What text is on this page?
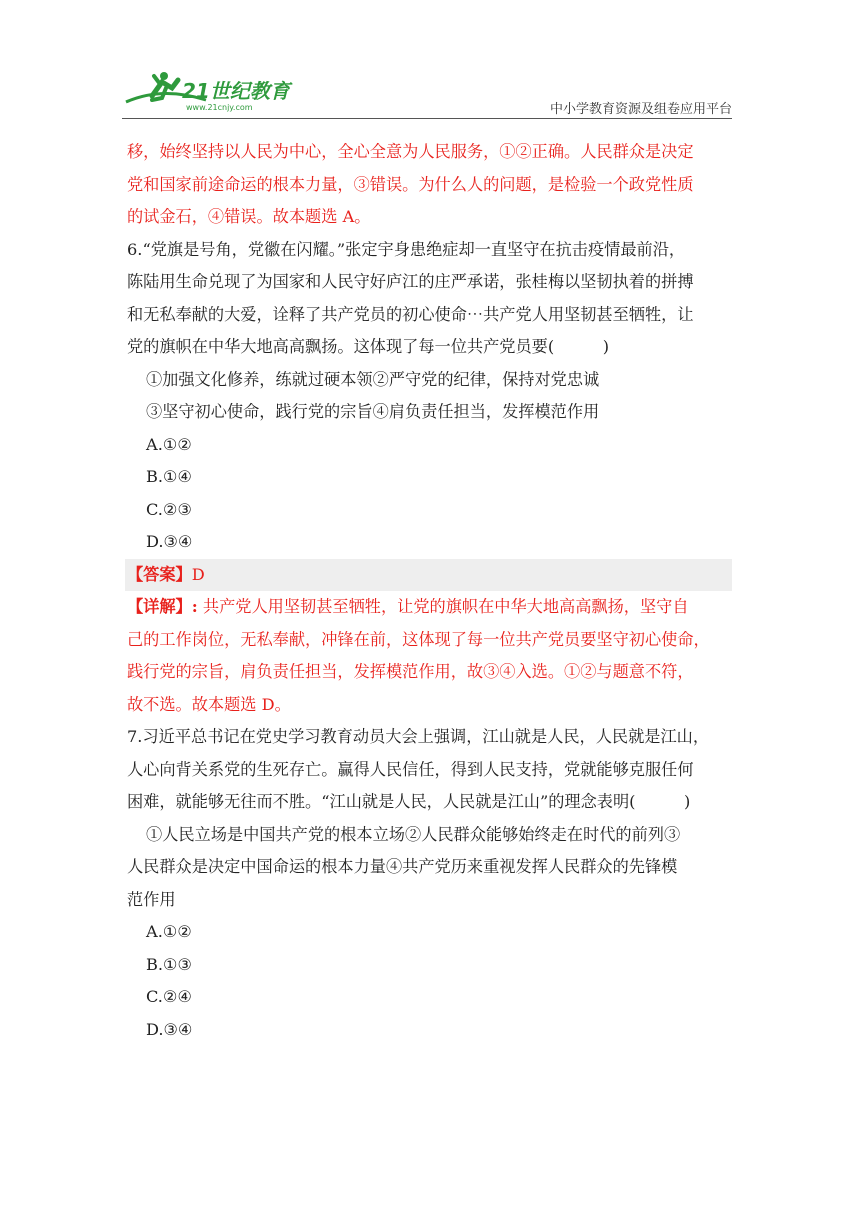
21世纪教育
www.21cnjy.com	中小学教育资源及组卷应用平台

移，始终坚持以人民为中心，全心全意为人民服务，①②正确。人民群众是决定

党和国家前途命运的根本力量，③错误。为什么人的问题，是检验一个政党性质

的试金石，④错误。故本题选 A。

6.“党旗是号角，党徽在闪耀。”张定宇身患绝症却一直坚守在抗击疫情最前沿，

陈陆用生命兑现了为国家和人民守好庐江的庄严承诺，张桂梅以坚韧执着的拼搏

和无私奉献的大爱，诠释了共产党员的初心使命⋯共产党人用坚韧甚至牺牲，让

党的旗帜在中华大地高高飘扬。这体现了每一位共产党员要(　　　)

①加强文化修养，练就过硬本领②严守党的纪律，保持对党忠诚

③坚守初心使命，践行党的宗旨④肩负责任担当，发挥模范作用

A.①②

B.①④

C.②③

D.③④

【答案】D

【详解】: 共产党人用坚韧甚至牺牲，让党的旗帜在中华大地高高飘扬，坚守自

己的工作岗位，无私奉献，冲锋在前，这体现了每一位共产党员要坚守初心使命，

践行党的宗旨，肩负责任担当，发挥模范作用，故③④入选。①②与题意不符，

故不选。故本题选 D。

7.习近平总书记在党史学习教育动员大会上强调，江山就是人民，人民就是江山，

人心向背关系党的生死存亡。赢得人民信任，得到人民支持，党就能够克服任何

困难，就能够无往而不胜。“江山就是人民，人民就是江山”的理念表明(　　　)

①人民立场是中国共产党的根本立场②人民群众能够始终走在时代的前列③

人民群众是决定中国命运的根本力量④共产党历来重视发挥人民群众的先锋模

范作用

A.①②

B.①③

C.②④

D.③④
